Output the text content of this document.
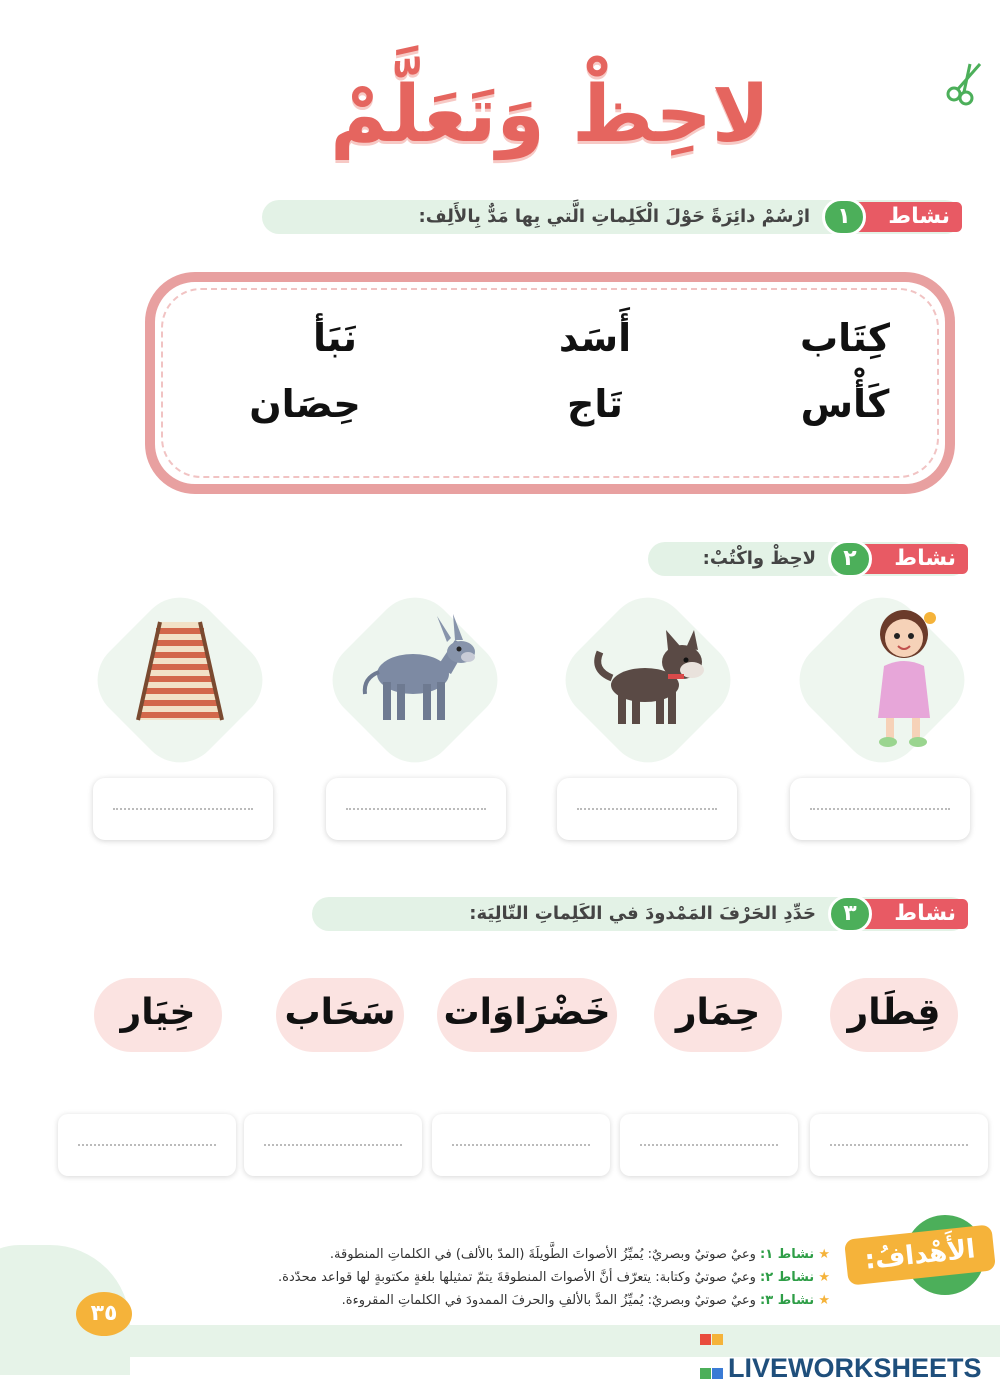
لاحِظْ وَتَعَلَّمْ
نشاط
١
ارْسُمْ دائِرَةً حَوْلَ الْكَلِماتِ الَّتي بِها مَدٌّ بِالأَلِف:
كِتَاب
أَسَد
نَبَأ
كَأْس
تَاج
حِصَان
نشاط
٢
لاحِظْ واكْتُبْ:
نشاط
٣
حَدِّدِ الحَرْفَ المَمْدودَ في الكَلِماتِ التّالِيَة:
قِطَار
حِمَار
خَضْرَاوَات
سَحَاب
خِيَار
الأَهْدافُ:
★ نشاط ١: وعيٌ صوتيٌ وبصريٌ: يُميِّزُ الأصواتَ الطَّويلَةَ (المدّ بالألف) في الكلماتِ المنطوقة.
★ نشاط ٢: وعيٌ صوتيٌ وكتابة: يتعرّف أنَّ الأصواتَ المنطوقةَ يتمّ تمثيلها بلغةٍ مكتوبةٍ لها قواعد محدّدة.
★ نشاط ٣: وعيٌ صوتيٌ وبصريٌ: يُميِّزُ المدَّ بالألفِ والحرفَ الممدودَ في الكلماتِ المقروءة.
٣٥

LIVEWORKSHEETS
